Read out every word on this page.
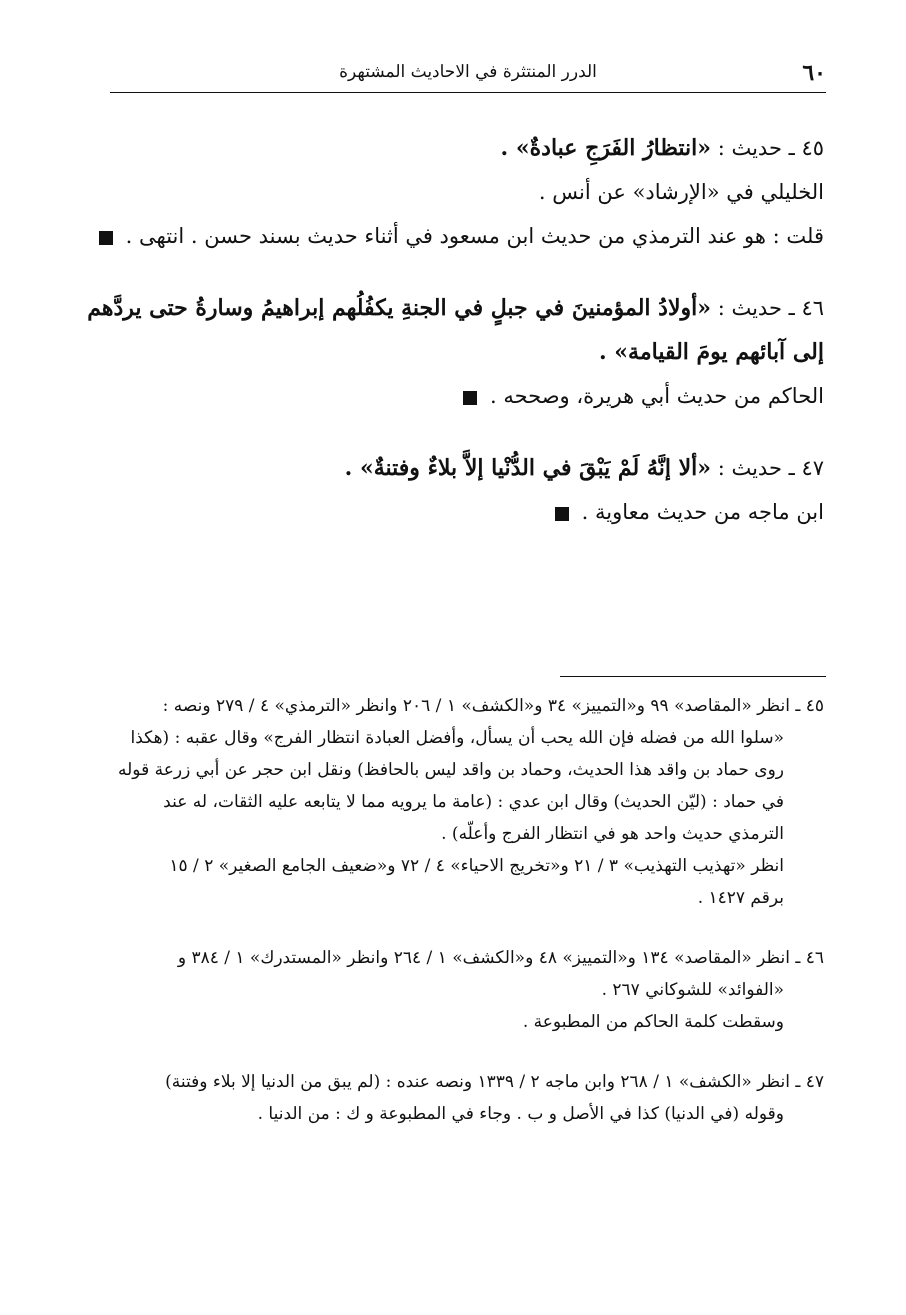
٦٠
الدرر المنتثرة في الاحاديث المشتهرة
٤٥ ـ حديث : «انتظارُ الفَرَجِ عبادةٌ» .
الخليلي في «الإرشاد» عن أنس .
قلت : هو عند الترمذي من حديث ابن مسعود في أثناء حديث بسند حسن . انتهى .
٤٦ ـ حديث : «أولادُ المؤمنينَ في جبلٍ في الجنةِ يكفُلُهم إبراهيمُ وسارةُ حتى يردَّهم
إلى آبائهم يومَ القيامة» .
الحاكم من حديث أبي هريرة، وصححه .
٤٧ ـ حديث : «ألا إنَّهُ لَمْ يَبْقَ في الدُّنْيا إلاَّ بلاءٌ وفتنةٌ» .
ابن ماجه من حديث معاوية .
٤٥ ـ انظر «المقاصد» ٩٩ و«التمييز» ٣٤ و«الكشف» ١ / ٢٠٦ وانظر «الترمذي» ٤ / ٢٧٩ ونصه :
«سلوا الله من فضله فإن الله يحب أن يسأل، وأفضل العبادة انتظار الفرج» وقال عقبه : (هكذا
روى حماد بن واقد هذا الحديث، وحماد بن واقد ليس بالحافظ) ونقل ابن حجر عن أبي زرعة قوله
في حماد : (ليّن الحديث) وقال ابن عدي : (عامة ما يرويه مما لا يتابعه عليه الثقات، له عند
الترمذي حديث واحد هو في انتظار الفرج وأعلّه) .
انظر «تهذيب التهذيب» ٣ / ٢١ و«تخريج الاحياء» ٤ / ٧٢ و«ضعيف الجامع الصغير» ٢ / ١٥
برقم ١٤٢٧ .
٤٦ ـ انظر «المقاصد» ١٣٤ و«التمييز» ٤٨ و«الكشف» ١ / ٢٦٤ وانظر «المستدرك» ١ / ٣٨٤ و
«الفوائد» للشوكاني ٢٦٧ .
وسقطت كلمة الحاكم من المطبوعة .
٤٧ ـ انظر «الكشف» ١ / ٢٦٨ وابن ماجه ٢ / ١٣٣٩ ونصه عنده : (لم يبق من الدنيا إلا بلاء وفتنة)
وقوله (في الدنيا) كذا في الأصل و ب . وجاء في المطبوعة و ك : من الدنيا .
